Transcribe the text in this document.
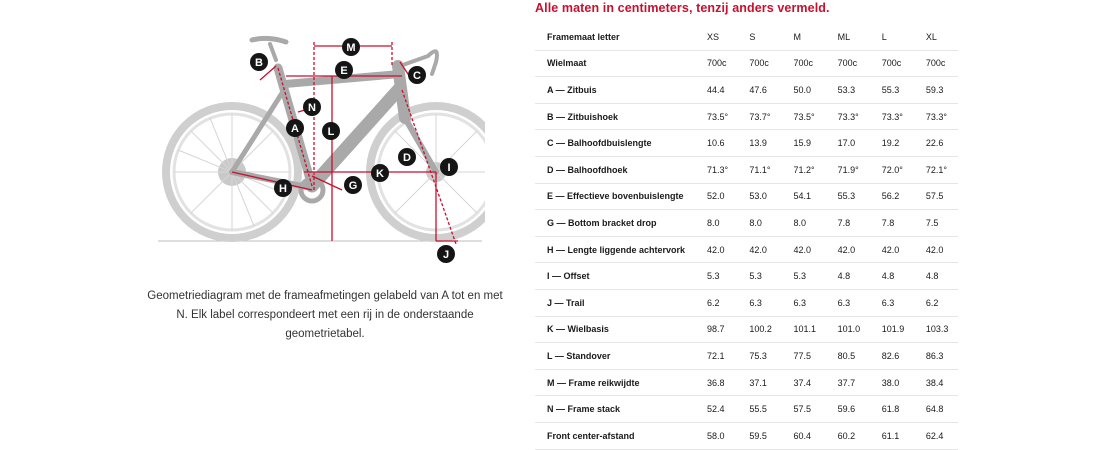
B
M
E	C
N
A	L
D
I
K
G
H
J
Geometriediagram met de frameafmetingen gelabeld van A tot en met N. Elk label correspondeert met een rij in de onderstaande geometrietabel.
Alle maten in centimeters, tenzij anders vermeld.
Framemaat letter	XS	S	M	ML	L	XL
Wielmaat	700c	700c	700c	700c	700c	700c
A — Zitbuis	44.4	47.6	50.0	53.3	55.3	59.3
B — Zitbuishoek	73.5°	73.7°	73.5°	73.3°	73.3°	73.3°
C — Balhoofdbuislengte	10.6	13.9	15.9	17.0	19.2	22.6
D — Balhoofdhoek	71.3°	71.1°	71.2°	71.9°	72.0°	72.1°
E — Effectieve bovenbuislengte	52.0	53.0	54.1	55.3	56.2	57.5
G — Bottom bracket drop	8.0	8.0	8.0	7.8	7.8	7.5
H — Lengte liggende achtervork	42.0	42.0	42.0	42.0	42.0	42.0
I — Offset	5.3	5.3	5.3	4.8	4.8	4.8
J — Trail	6.2	6.3	6.3	6.3	6.3	6.2
K — Wielbasis	98.7	100.2	101.1	101.0	101.9	103.3
L — Standover	72.1	75.3	77.5	80.5	82.6	86.3
M — Frame reikwijdte	36.8	37.1	37.4	37.7	38.0	38.4
N — Frame stack	52.4	55.5	57.5	59.6	61.8	64.8
Front center-afstand	58.0	59.5	60.4	60.2	61.1	62.4
